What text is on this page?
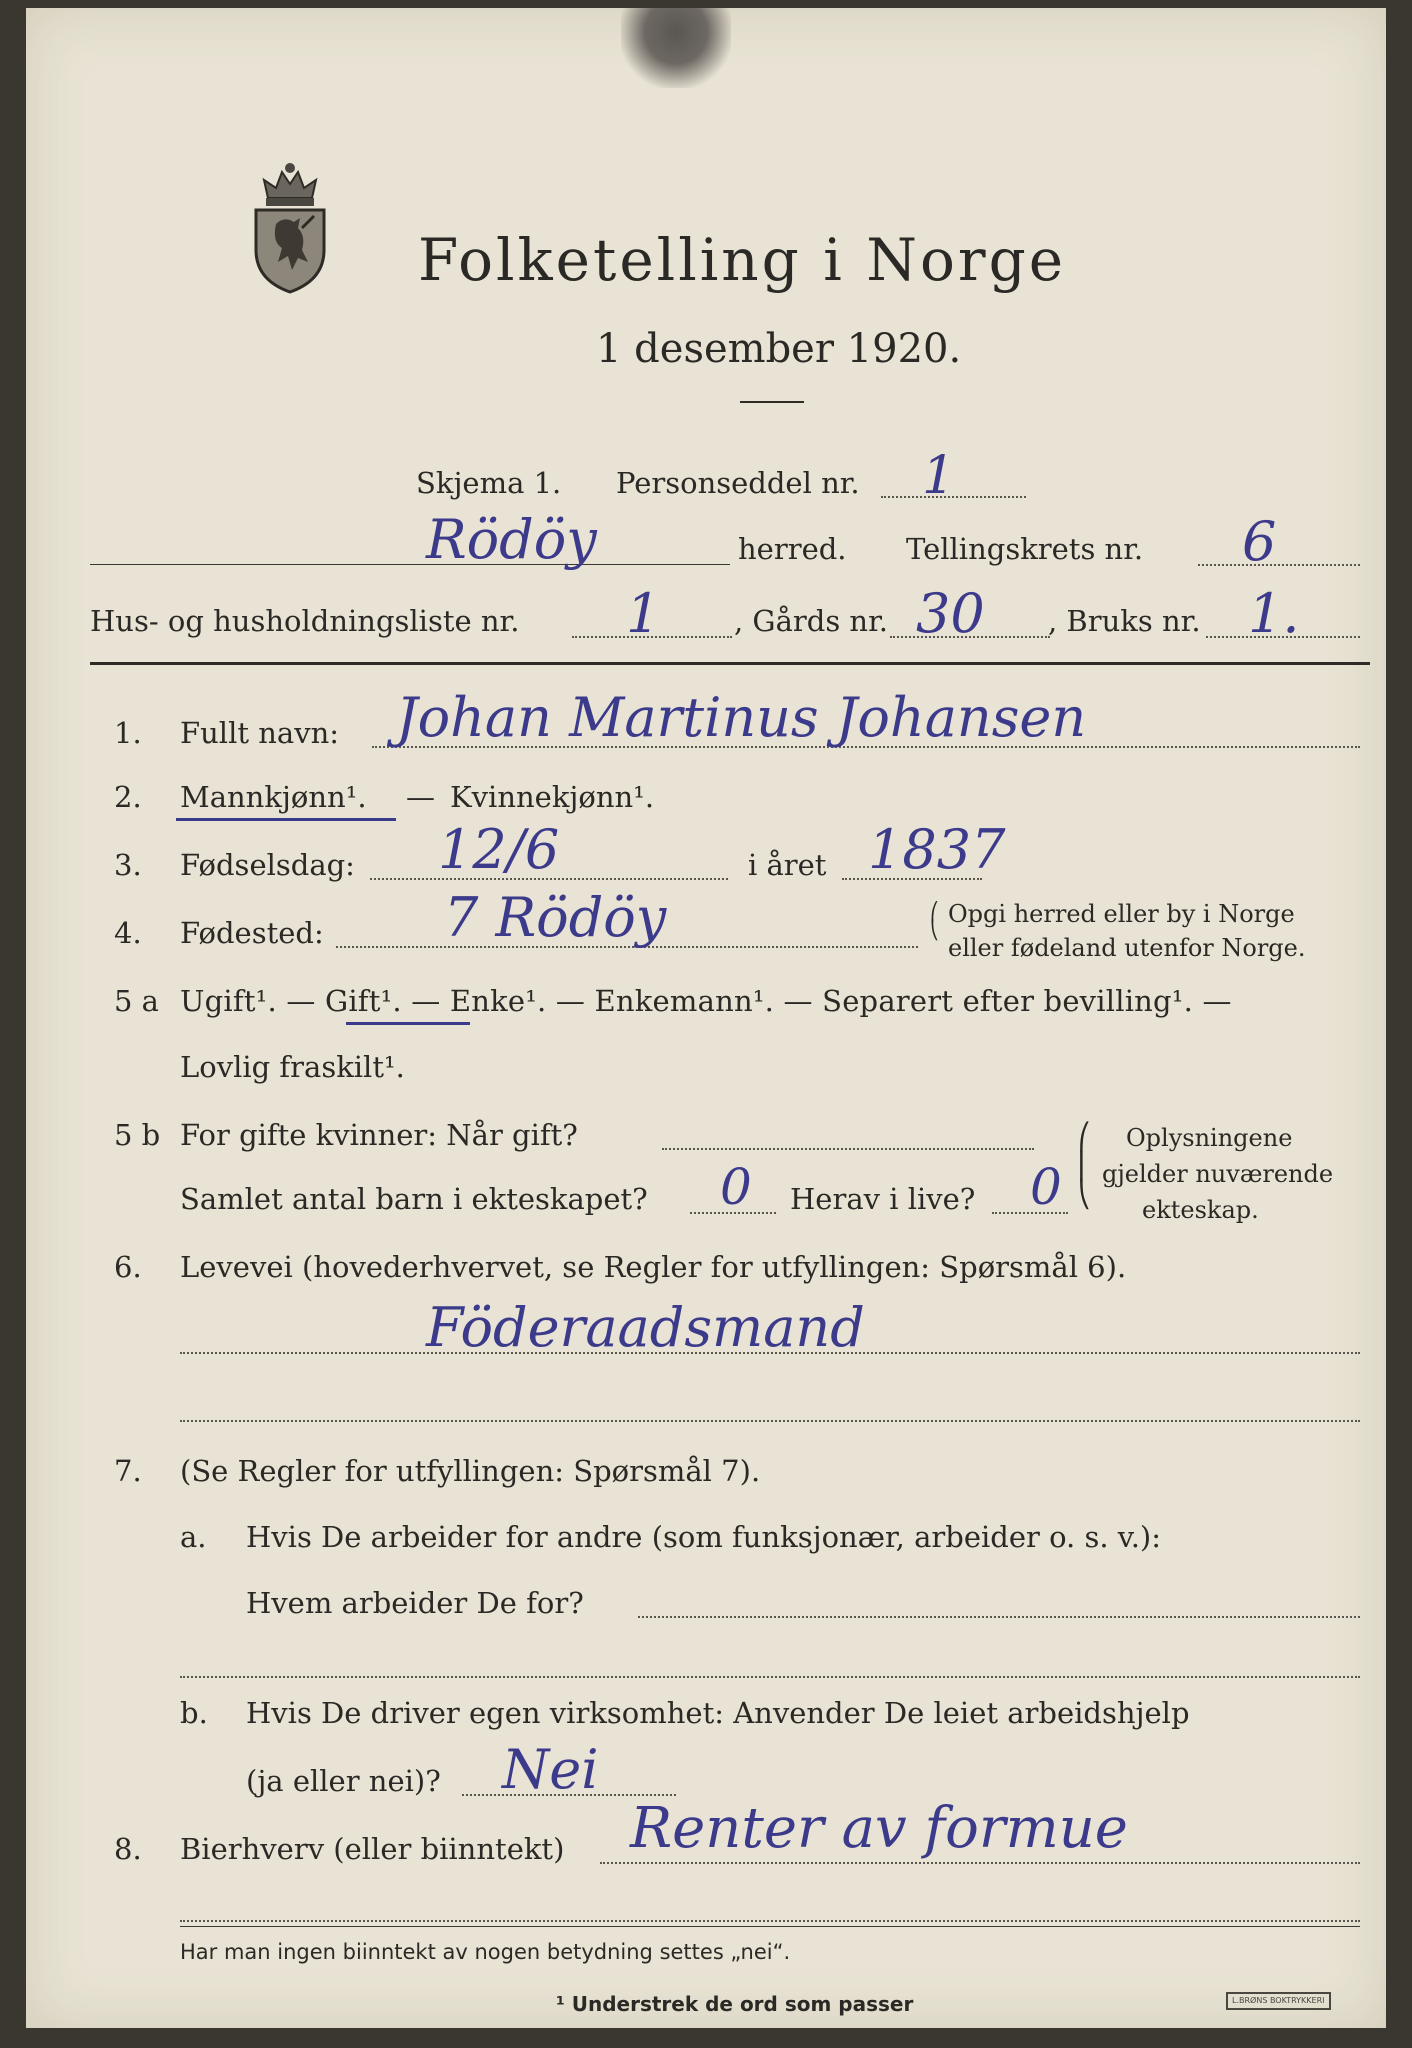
Folketelling i Norge
1 desember 1920.
Skjema 1. Personseddel nr. 1
Rödöy	herred. Tellingskrets nr. 6
Hus- og husholdningsliste nr. 1	, Gårds nr. 30 , Bruks nr. 1.
1. Fullt navn: Johan Martinus Johansen
2. Mannkjønn¹. — Kvinnekjønn¹.
3. Fødselsdag: 12/6	i året 1837
4. Fødested: 7 Rödöy	⎛
⎝
Opgi herred eller by i Norge
eller fødeland utenfor Norge.
5 a Ugift¹. — Gift¹. — Enke¹. — Enkemann¹. — Separert efter bevilling¹. —
Lovlig fraskilt¹.
5 b For gifte kvinner: Når gift?
Samlet antal barn i ekteskapet? 0 Herav i live? 0
⎛
⎜
⎝
Oplysningene
gjelder nuværende
ekteskap.
6. Levevei (hovederhvervet, se Regler for utfyllingen: Spørsmål 6).
Föderaadsmand
7. (Se Regler for utfyllingen: Spørsmål 7).
a. Hvis De arbeider for andre (som funksjonær, arbeider o. s. v.):
Hvem arbeider De for?
b. Hvis De driver egen virksomhet: Anvender De leiet arbeidshjelp
(ja eller nei)? Nei
8. Bierhverv (eller biinntekt) Renter av formue
Har man ingen biinntekt av nogen betydning settes „nei“.
¹ Understrek de ord som passer	L.BRØNS BOKTRYKKERI
